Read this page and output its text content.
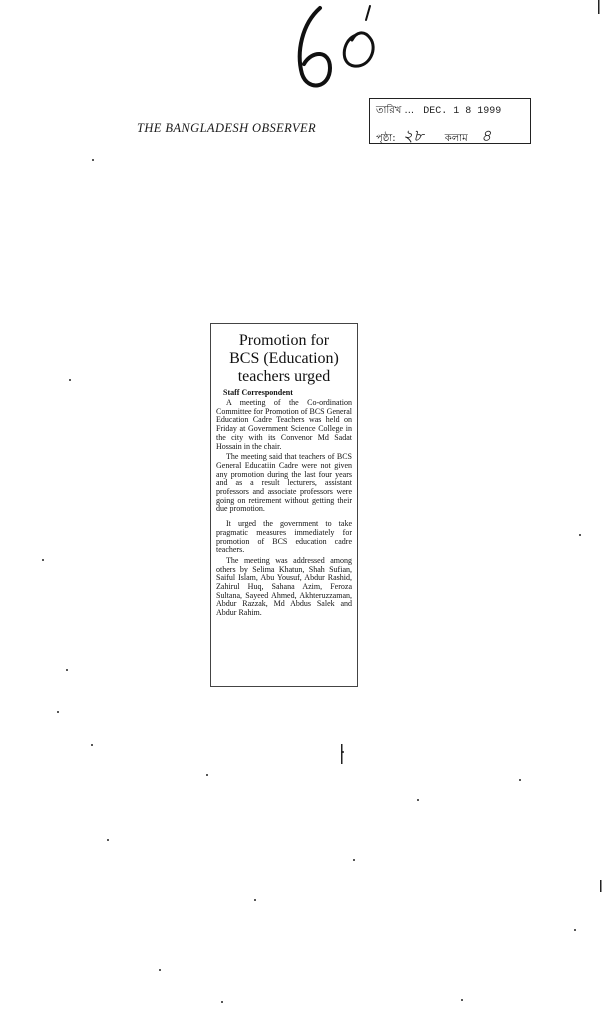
THE BANGLADESH OBSERVER
তারিখ ... DEC. 1 8 1999
পৃষ্ঠা: ২৮ কলাম ৪
Promotion for
BCS (Education)
teachers urged
Staff Correspondent

A meeting of the Co-ordination Committee for Promotion of BCS General Education Cadre Teachers was held on Friday at Government Science College in the city with its Convenor Md Sadat Hossain in the chair.

The meeting said that teachers of BCS General Educatiin Cadre were not given any promotion during the last four years and as a result lecturers, assistant professors and associate professors were going on retirement without getting their due promotion.

It urged the government to take pragmatic measures immediately for promotion of BCS education cadre teachers.

The meeting was addressed among others by Selima Khatun, Shah Sufian, Saiful Islam, Abu Yousuf, Abdur Rashid, Zahirul Huq, Sahana Azim, Feroza Sultana, Sayeed Ahmed, Akhteruzzaman, Abdur Razzak, Md Abdus Salek and Abdur Rahim.
